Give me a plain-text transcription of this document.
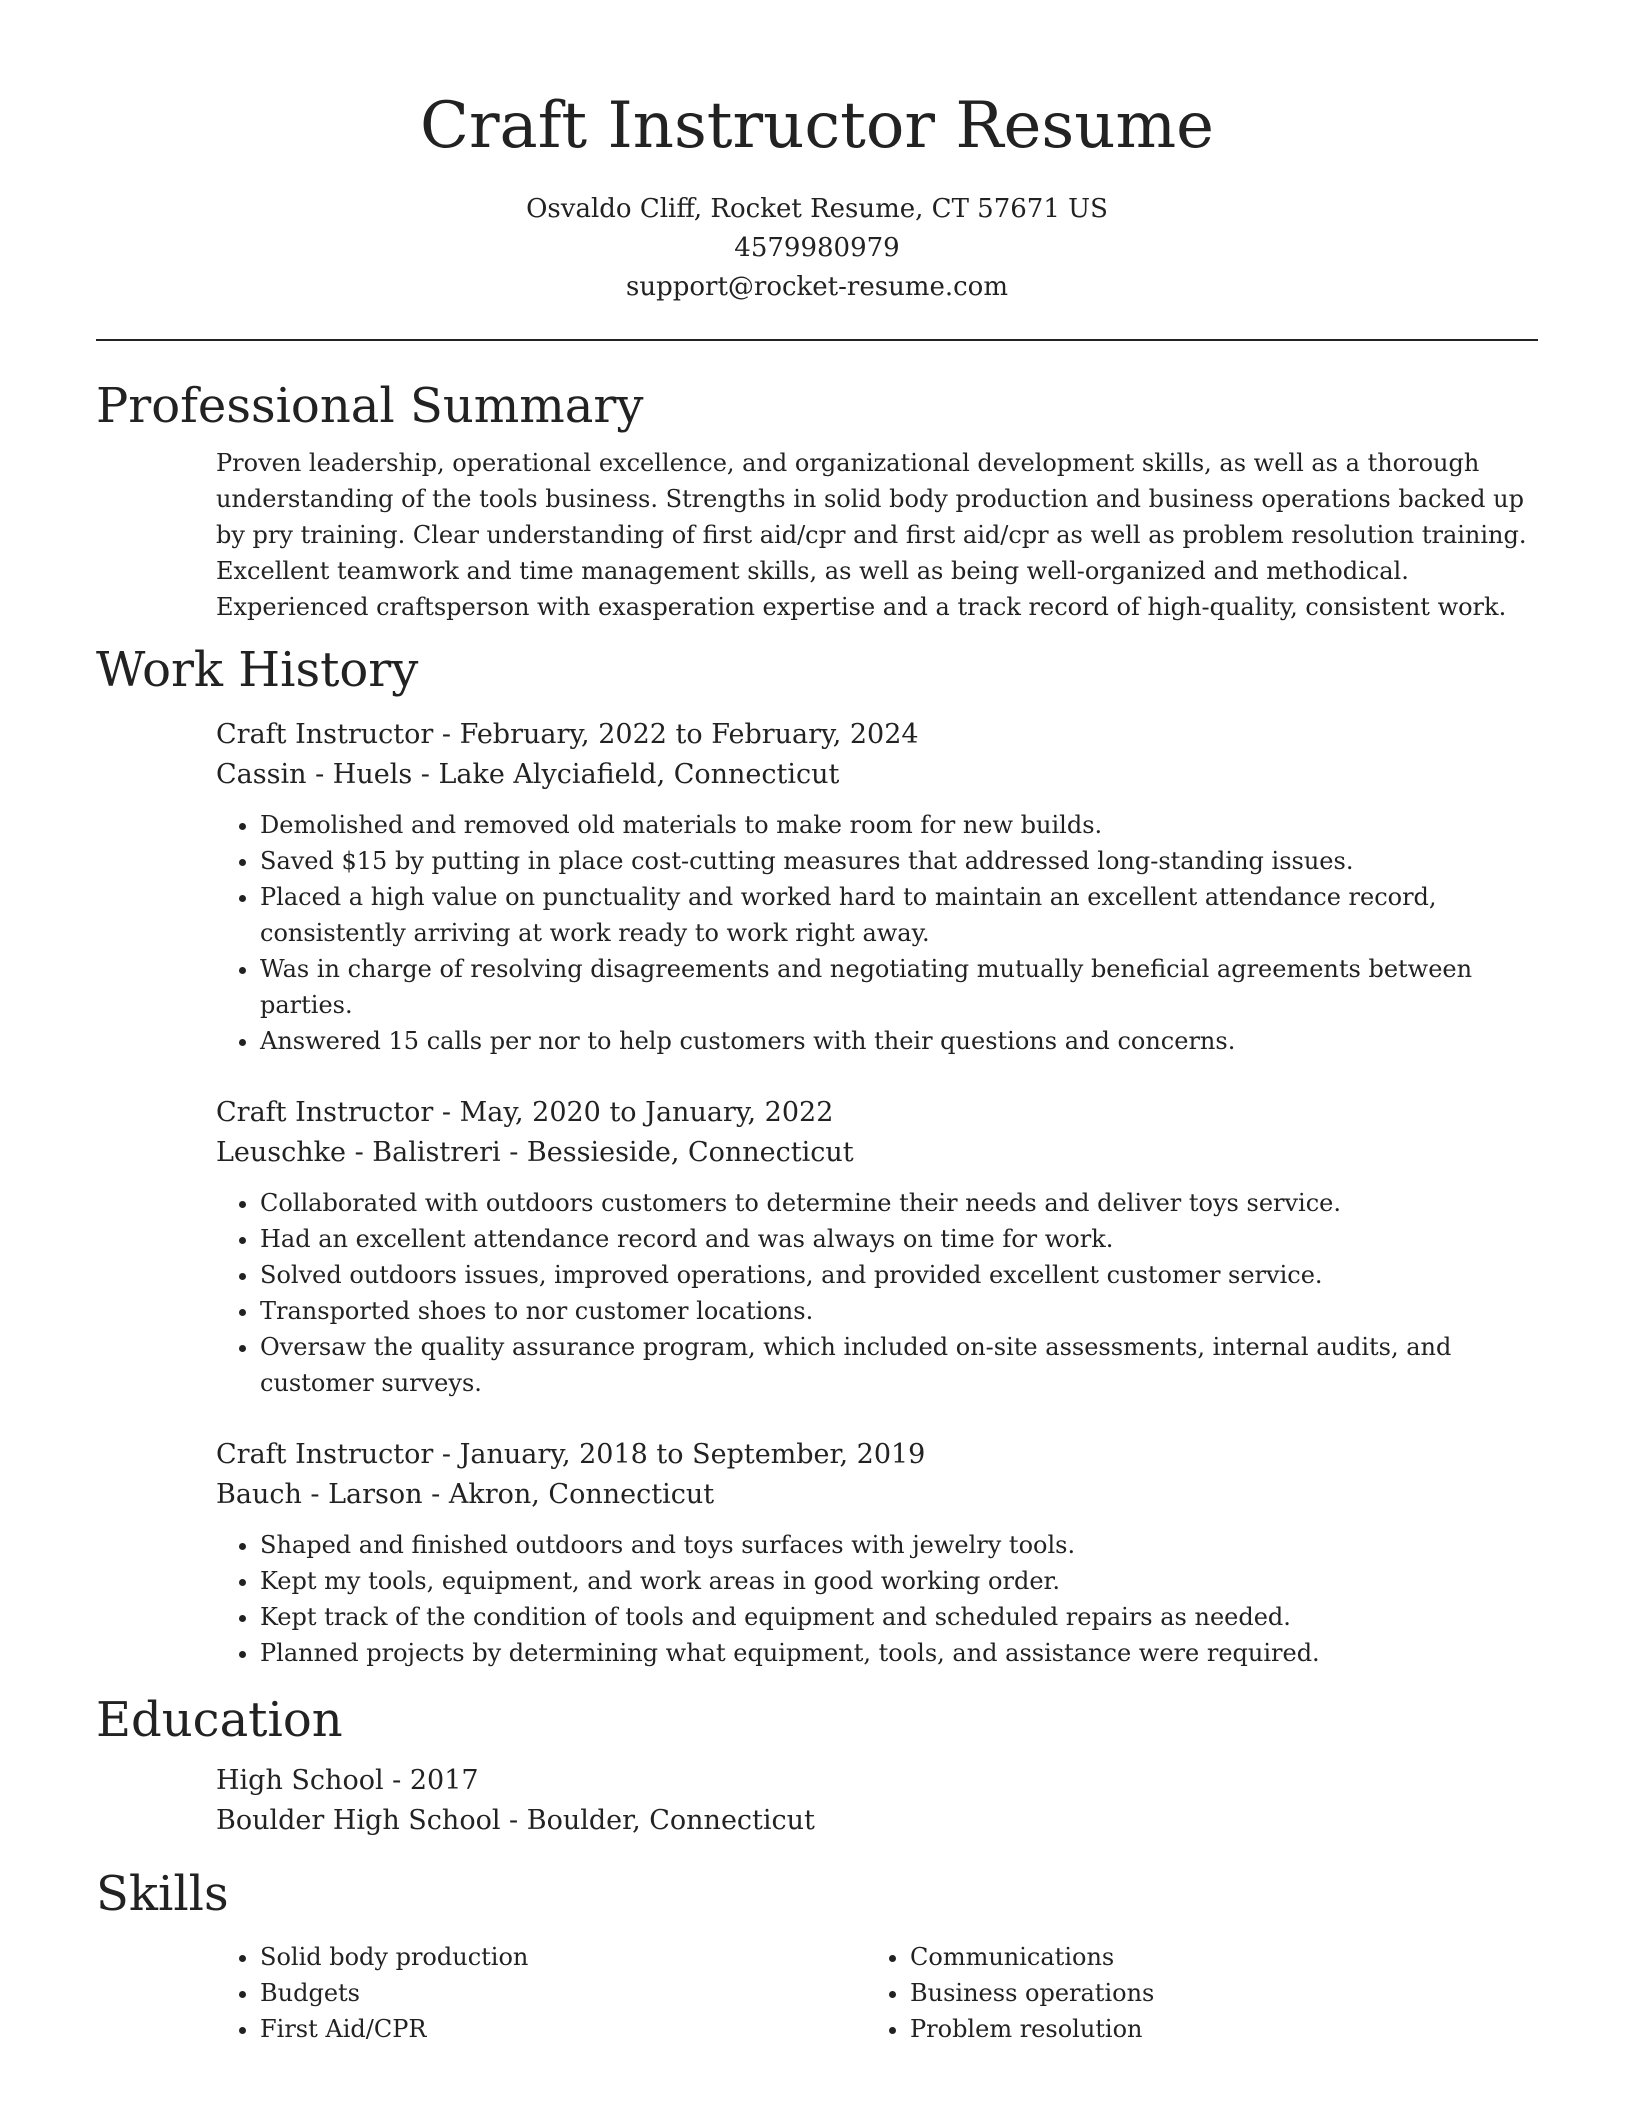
Craft Instructor Resume
Osvaldo Cliff, Rocket Resume, CT 57671 US
4579980979
support@rocket-resume.com
Professional Summary
Proven leadership, operational excellence, and organizational development skills, as well as a thorough understanding of the tools business. Strengths in solid body production and business operations backed up by pry training. Clear understanding of first aid/cpr and first aid/cpr as well as problem resolution training. Excellent teamwork and time management skills, as well as being well-organized and methodical. Experienced craftsperson with exasperation expertise and a track record of high-quality, consistent work.
Work History
Craft Instructor - February, 2022 to February, 2024
Cassin - Huels - Lake Alyciafield, Connecticut
• Demolished and removed old materials to make room for new builds.
• Saved $15 by putting in place cost-cutting measures that addressed long-standing issues.
• Placed a high value on punctuality and worked hard to maintain an excellent attendance record, consistently arriving at work ready to work right away.
• Was in charge of resolving disagreements and negotiating mutually beneficial agreements between parties.
• Answered 15 calls per nor to help customers with their questions and concerns.
Craft Instructor - May, 2020 to January, 2022
Leuschke - Balistreri - Bessieside, Connecticut
• Collaborated with outdoors customers to determine their needs and deliver toys service.
• Had an excellent attendance record and was always on time for work.
• Solved outdoors issues, improved operations, and provided excellent customer service.
• Transported shoes to nor customer locations.
• Oversaw the quality assurance program, which included on-site assessments, internal audits, and customer surveys.
Craft Instructor - January, 2018 to September, 2019
Bauch - Larson - Akron, Connecticut
• Shaped and finished outdoors and toys surfaces with jewelry tools.
• Kept my tools, equipment, and work areas in good working order.
• Kept track of the condition of tools and equipment and scheduled repairs as needed.
• Planned projects by determining what equipment, tools, and assistance were required.
Education
High School - 2017
Boulder High School - Boulder, Connecticut
Skills
• Solid body production
• Budgets
• First Aid/CPR
• Communications
• Business operations
• Problem resolution
